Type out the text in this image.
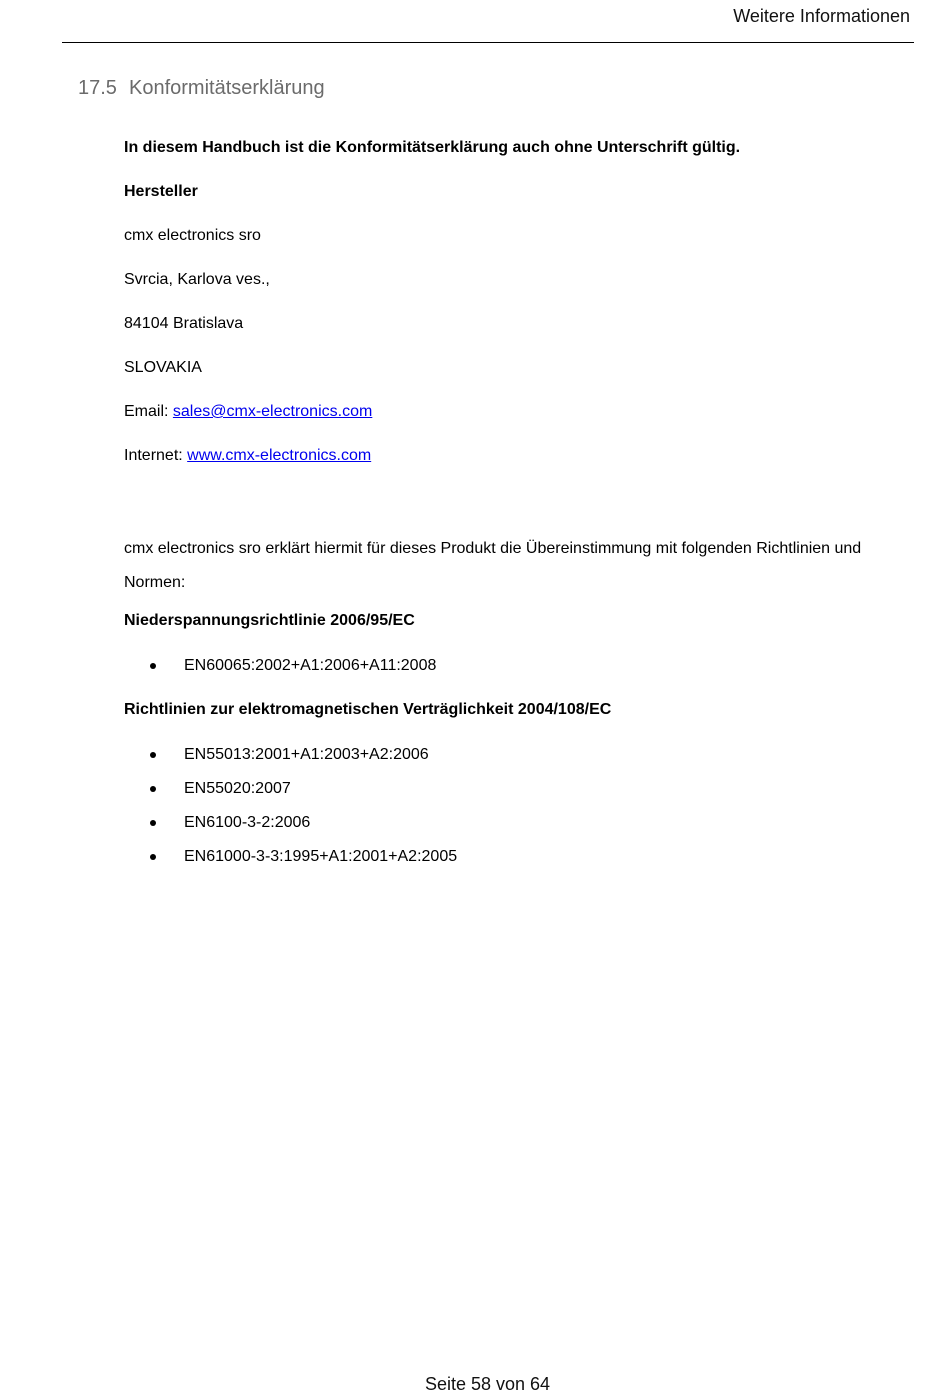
Weitere Informationen
17.5 Konformitätserklärung
In diesem Handbuch ist die Konformitätserklärung auch ohne Unterschrift gültig.
Hersteller
cmx electronics sro
Svrcia, Karlova ves.,
84104 Bratislava
SLOVAKIA
Email: sales@cmx-electronics.com
Internet: www.cmx-electronics.com
cmx electronics sro erklärt hiermit für dieses Produkt die Übereinstimmung mit folgenden Richtlinien und Normen:
Niederspannungsrichtlinie 2006/95/EC
EN60065:2002+A1:2006+A11:2008
Richtlinien zur elektromagnetischen Verträglichkeit 2004/108/EC
EN55013:2001+A1:2003+A2:2006
EN55020:2007
EN6100-3-2:2006
EN61000-3-3:1995+A1:2001+A2:2005
Seite 58 von 64
